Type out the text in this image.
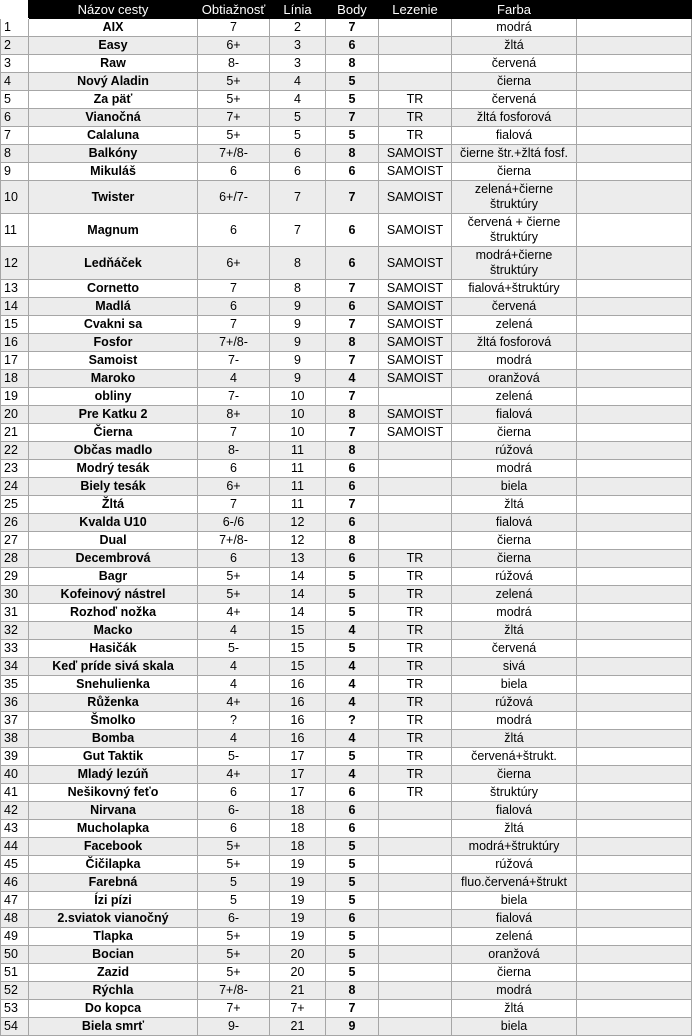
	Názov cesty	Obtiažnosť	Línia	Body	Lezenie	Farba	
1	AIX	7	2	7		modrá	
2	Easy	6+	3	6		žltá	
3	Raw	8-	3	8		červená	
4	Nový Aladin	5+	4	5		čierna	
5	Za päť	5+	4	5	TR	červená	
6	Vianočná	7+	5	7	TR	žltá fosforová	
7	Calaluna	5+	5	5	TR	fialová	
8	Balkóny	7+/8-	6	8	SAMOIST	čierne štr.+žltá fosf.	
9	Mikuláš	6	6	6	SAMOIST	čierna	
10	Twister	6+/7-	7	7	SAMOIST	zelená+čierne štruktúry	
11	Magnum	6	7	6	SAMOIST	červená + čierne štruktúry	
12	Ledňáček	6+	8	6	SAMOIST	modrá+čierne štruktúry	
13	Cornetto	7	8	7	SAMOIST	fialová+štruktúry	
14	Madlá	6	9	6	SAMOIST	červená	
15	Cvakni sa	7	9	7	SAMOIST	zelená	
16	Fosfor	7+/8-	9	8	SAMOIST	žltá fosforová	
17	Samoist	7-	9	7	SAMOIST	modrá	
18	Maroko	4	9	4	SAMOIST	oranžová	
19	obliny	7-	10	7		zelená	
20	Pre Katku 2	8+	10	8	SAMOIST	fialová	
21	Čierna	7	10	7	SAMOIST	čierna	
22	Občas madlo	8-	11	8		rúžová	
23	Modrý tesák	6	11	6		modrá	
24	Biely tesák	6+	11	6		biela	
25	Žltá	7	11	7		žltá	
26	Kvalda U10	6-/6	12	6		fialová	
27	Dual	7+/8-	12	8		čierna	
28	Decembrová	6	13	6	TR	čierna	
29	Bagr	5+	14	5	TR	rúžová	
30	Kofeinový nástrel	5+	14	5	TR	zelená	
31	Rozhoď nožka	4+	14	5	TR	modrá	
32	Macko	4	15	4	TR	žltá	
33	Hasičák	5-	15	5	TR	červená	
34	Keď príde sivá skala	4	15	4	TR	sivá	
35	Snehulienka	4	16	4	TR	biela	
36	Růženka	4+	16	4	TR	rúžová	
37	Šmolko	?	16	?	TR	modrá	
38	Bomba	4	16	4	TR	žltá	
39	Gut Taktik	5-	17	5	TR	červená+štrukt.	
40	Mladý lezúň	4+	17	4	TR	čierna	
41	Nešikovný feťo	6	17	6	TR	štruktúry	
42	Nirvana	6-	18	6		fialová	
43	Mucholapka	6	18	6		žltá	
44	Facebook	5+	18	5		modrá+štruktúry	
45	Čičilapka	5+	19	5		rúžová	
46	Farebná	5	19	5		fluo.červená+štrukt	
47	Ízi pízi	5	19	5		biela	
48	2.sviatok vianočný	6-	19	6		fialová	
49	Tlapka	5+	19	5		zelená	
50	Bocian	5+	20	5		oranžová	
51	Zazid	5+	20	5		čierna	
52	Rýchla	7+/8-	21	8		modrá	
53	Do kopca	7+	7+	7		žltá	
54	Biela smrť	9-	21	9		biela	
